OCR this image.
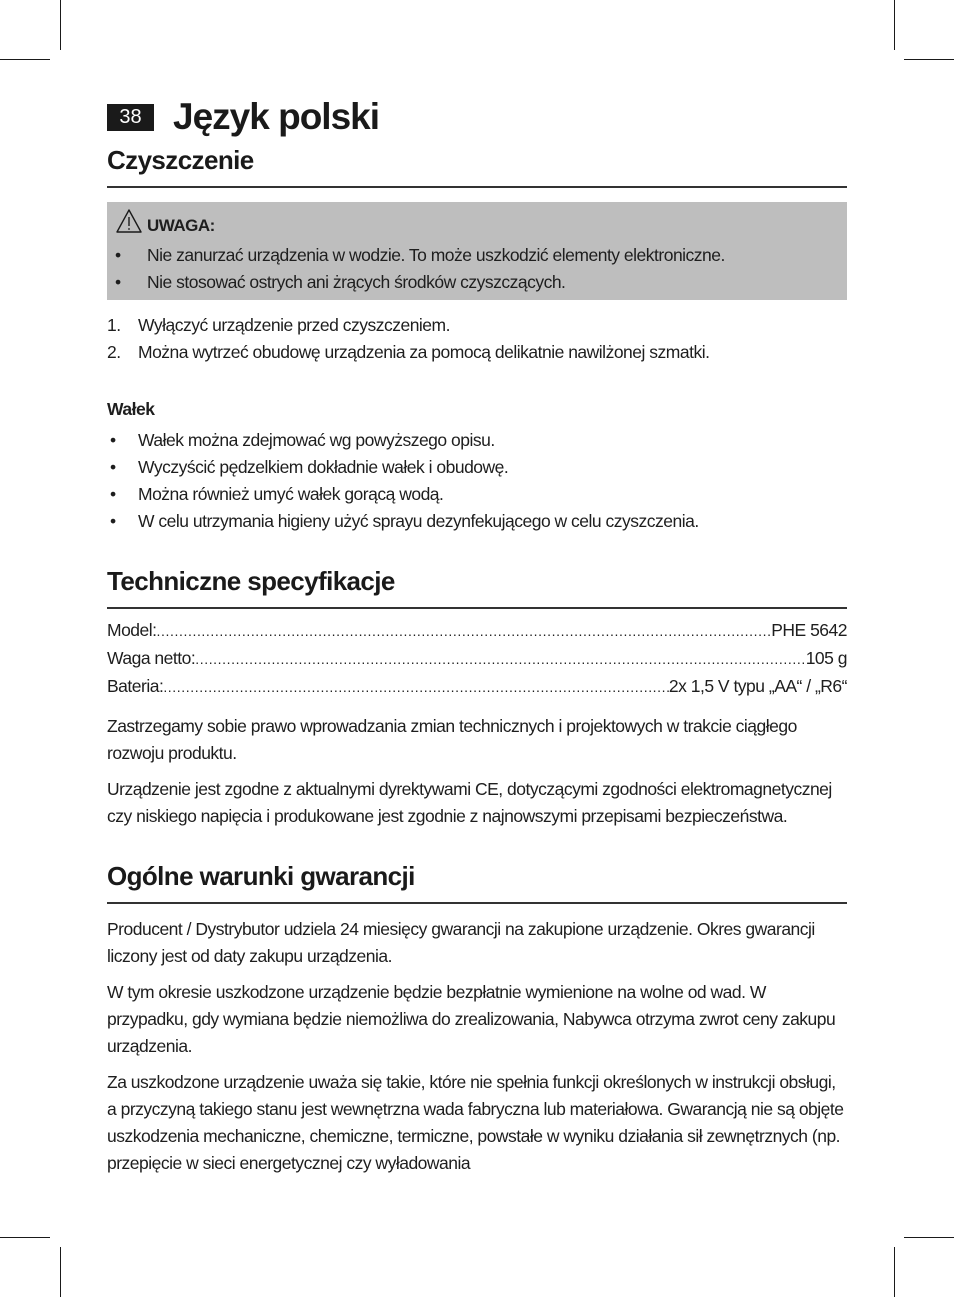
38 Język polski
Czyszczenie
UWAGA:
• Nie zanurzać urządzenia w wodzie. To może uszkodzić elementy elektroniczne.
• Nie stosować ostrych ani żrących środków czyszczących.
1. Wyłączyć urządzenie przed czyszczeniem.
2. Można wytrzeć obudowę urządzenia za pomocą delikatnie nawilżonej szmatki.
Wałek
• Wałek można zdejmować wg powyższego opisu.
• Wyczyścić pędzelkiem dokładnie wałek i obudowę.
• Można również umyć wałek gorącą wodą.
• W celu utrzymania higieny użyć sprayu dezynfekującego w celu czyszczenia.
Techniczne specyfikacje
Model: .....	PHE 5642
Waga netto: .....	105 g
Bateria: .....	2x 1,5 V typu „AA“ / „R6“

Zastrzegamy sobie prawo wprowadzania zmian technicznych i projektowych w trakcie ciągłego rozwoju produktu.

Urządzenie jest zgodne z aktualnymi dyrektywami CE, dotyczącymi zgodności elektromagnetycznej czy niskiego napięcia i produkowane jest zgodnie z najnowszymi przepisami bezpieczeństwa.

Ogólne warunki gwarancji

Producent / Dystrybutor udziela 24 miesięcy gwarancji na zakupione urządzenie. Okres gwarancji liczony jest od daty zakupu urządzenia.

W tym okresie uszkodzone urządzenie będzie bezpłatnie wymienione na wolne od wad. W przypadku, gdy wymiana będzie niemożliwa do zrealizowania, Nabywca otrzyma zwrot ceny zakupu urządzenia.

Za uszkodzone urządzenie uważa się takie, które nie spełnia funkcji określonych w instrukcji obsługi, a przyczyną takiego stanu jest wewnętrzna wada fabryczna lub materiałowa. Gwarancją nie są objęte uszkodzenia mechaniczne, chemiczne, termiczne, powstałe w wyniku działania sił zewnętrznych (np. przepięcie w sieci energetycznej czy wyładowania
